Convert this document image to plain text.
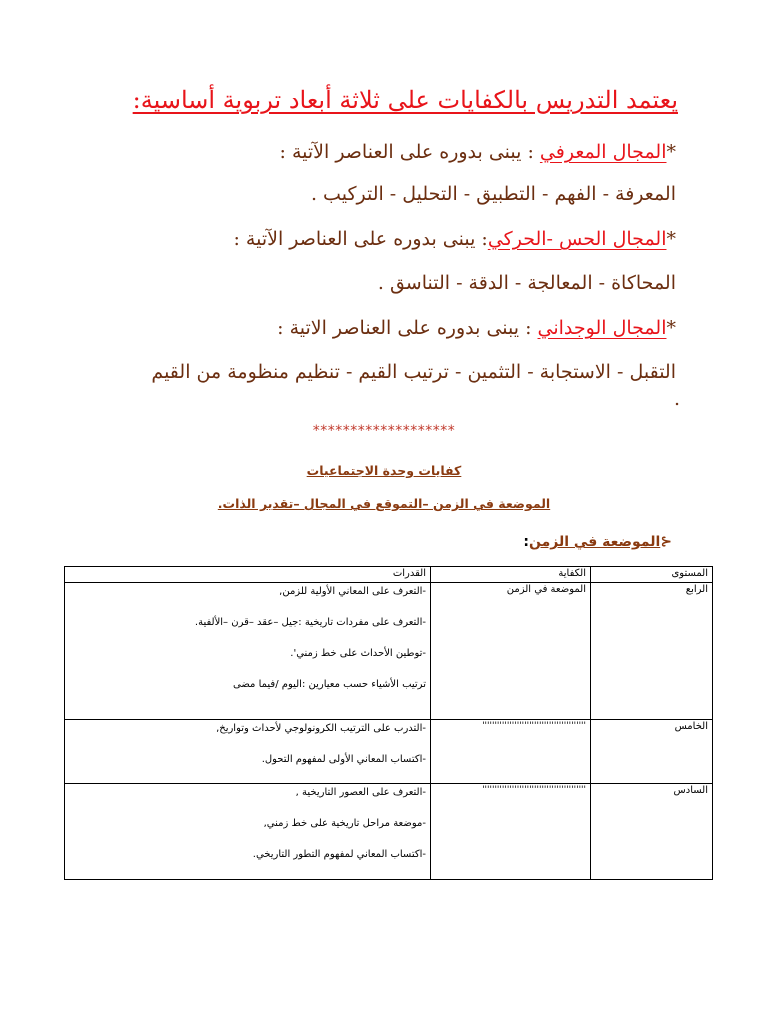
يعتمد التدريس بالكفايات على ثلاثة أبعاد تربوية أساسية:
*المجال المعرفي : يبنى بدوره على العناصر الآتية :
المعرفة - الفهم - التطبيق - التحليل - التركيب .
*المجال الحس -الحركي: يبنى بدوره على العناصر الآتية :
المحاكاة - المعالجة - الدقة - التناسق .
*المجال الوجداني : يبنى بدوره على العناصر الاتية :
التقبل - الاستجابة - التثمين - ترتيب القيم - تنظيم منظومة من القيم
.
*******************
كفايات وحدة الاجتماعيات
الموضعة في الزمن –التموقع في المجال –تقدير الذات.
⊰الموضعة في الزمن:
المستوى	الكفاية	القدرات
الرابع	الموضعة في الزمن	-التعرف على المعاني الأولية للزمن,

-التعرف على مفردات تاريخية :جيل –عقد –قرن –الألفية.

-توطين الأحداث على خط زمني'.

ترتيب الأشياء حسب معيارين :اليوم /فيما مضى

الخامس	''''''''''''''''''''''''''''''''''''''''''	-التدرب على الترتيب الكرونولوجي لأحداث وتواريخ,

-اكتساب المعاني الأولى لمفهوم التحول.

السادس	''''''''''''''''''''''''''''''''''''''''''	-التعرف على العصور التاريخية ,

-موضعة مراحل تاريخية على خط زمني,

-اكتساب المعاني لمفهوم التطور التاريخي.
